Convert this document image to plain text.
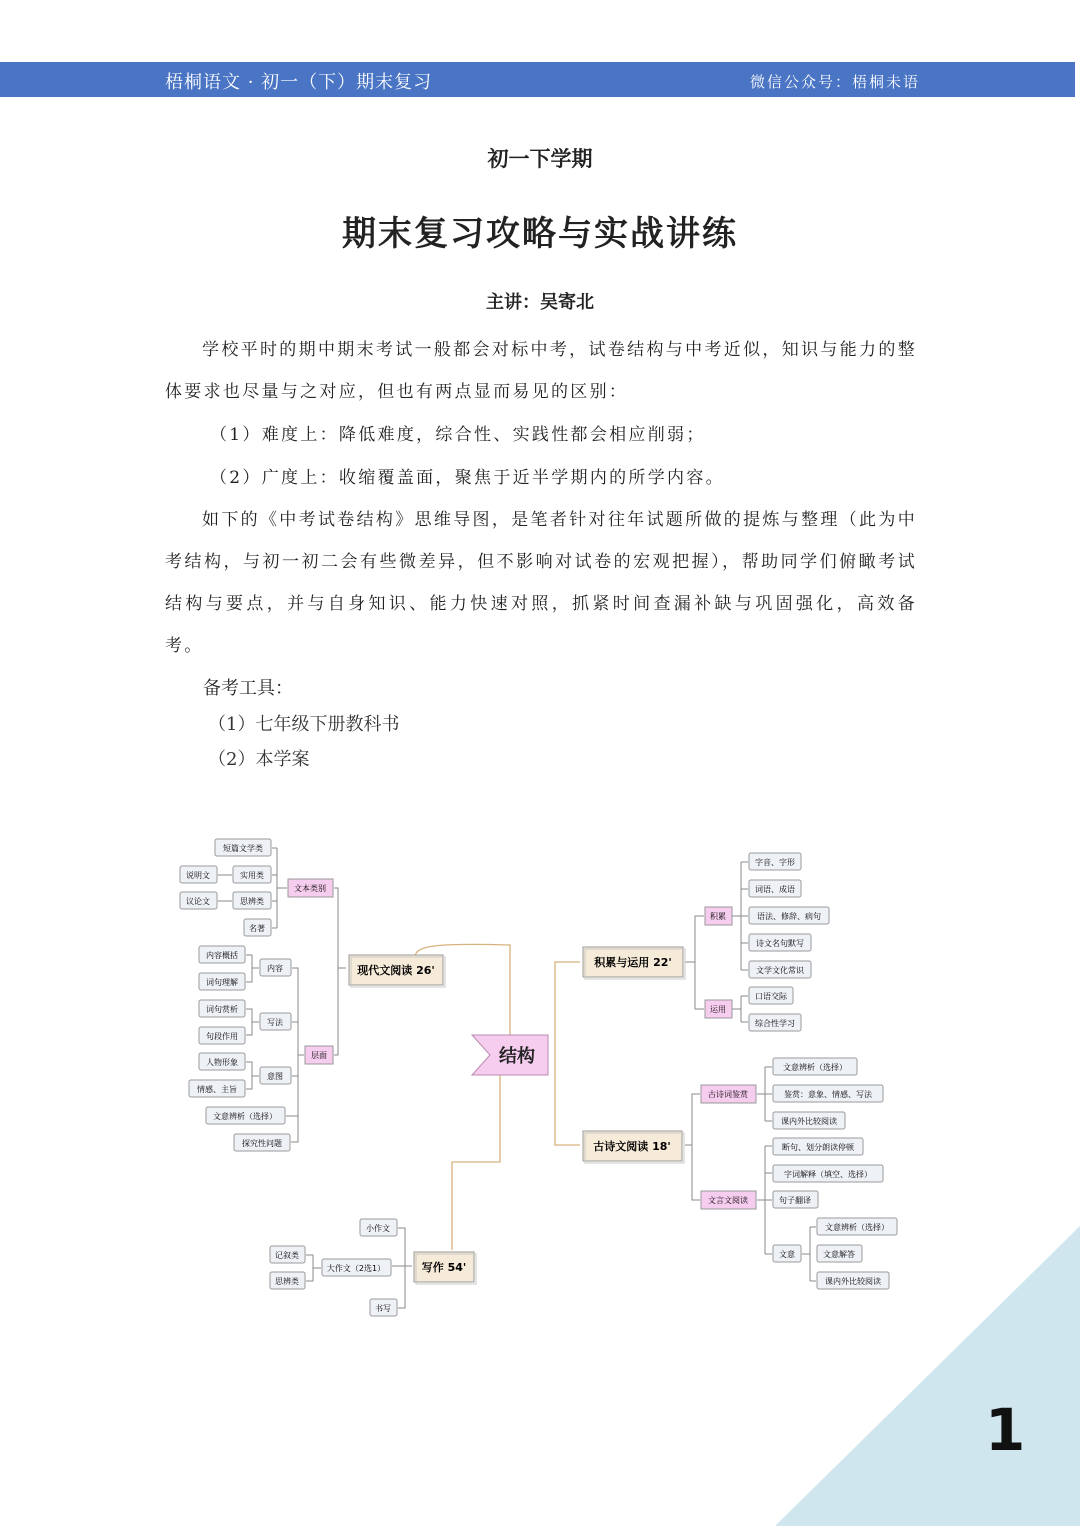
梧桐语文 · 初一（下）期末复习	微信公众号：梧桐未语
初一下学期
期末复习攻略与实战讲练
主讲：吴寄北

学校平时的期中期末考试一般都会对标中考，试卷结构与中考近似，知识与能力的整体要求也尽量与之对应，但也有两点显而易见的区别：

（1）难度上：降低难度，综合性、实践性都会相应削弱；

（2）广度上：收缩覆盖面，聚焦于近半学期内的所学内容。

如下的《中考试卷结构》思维导图，是笔者针对往年试题所做的提炼与整理（此为中考结构，与初一初二会有些微差异，但不影响对试卷的宏观把握），帮助同学们俯瞰考试结构与要点，并与自身知识、能力快速对照，抓紧时间查漏补缺与巩固强化，高效备考。

备考工具：
（1）七年级下册教科书
（2）本学案
结构
现代文阅读 26'
积累与运用 22'
古诗文阅读 18'
写作 54'
文本类别
层面
短篇文学类
实用类
说明文
思辨类
议论文
名著
内容
内容概括
词句理解
写法
词句赏析
句段作用
意图
人物形象
情感、主旨
文意辨析（选择）
探究性问题
积累
运用
字音、字形
词语、成语
语法、修辞、病句
诗文名句默写
文学文化常识
口语交际
综合性学习
古诗词鉴赏
文言文阅读
文意辨析（选择）
鉴赏：意象、情感、写法
课内外比较阅读
断句、划分朗读停顿
字词解释（填空、选择）
句子翻译
文意
文意辨析（选择）
文意解答
课内外比较阅读
小作文
大作文（2选1）
记叙类
思辨类
书写
1
